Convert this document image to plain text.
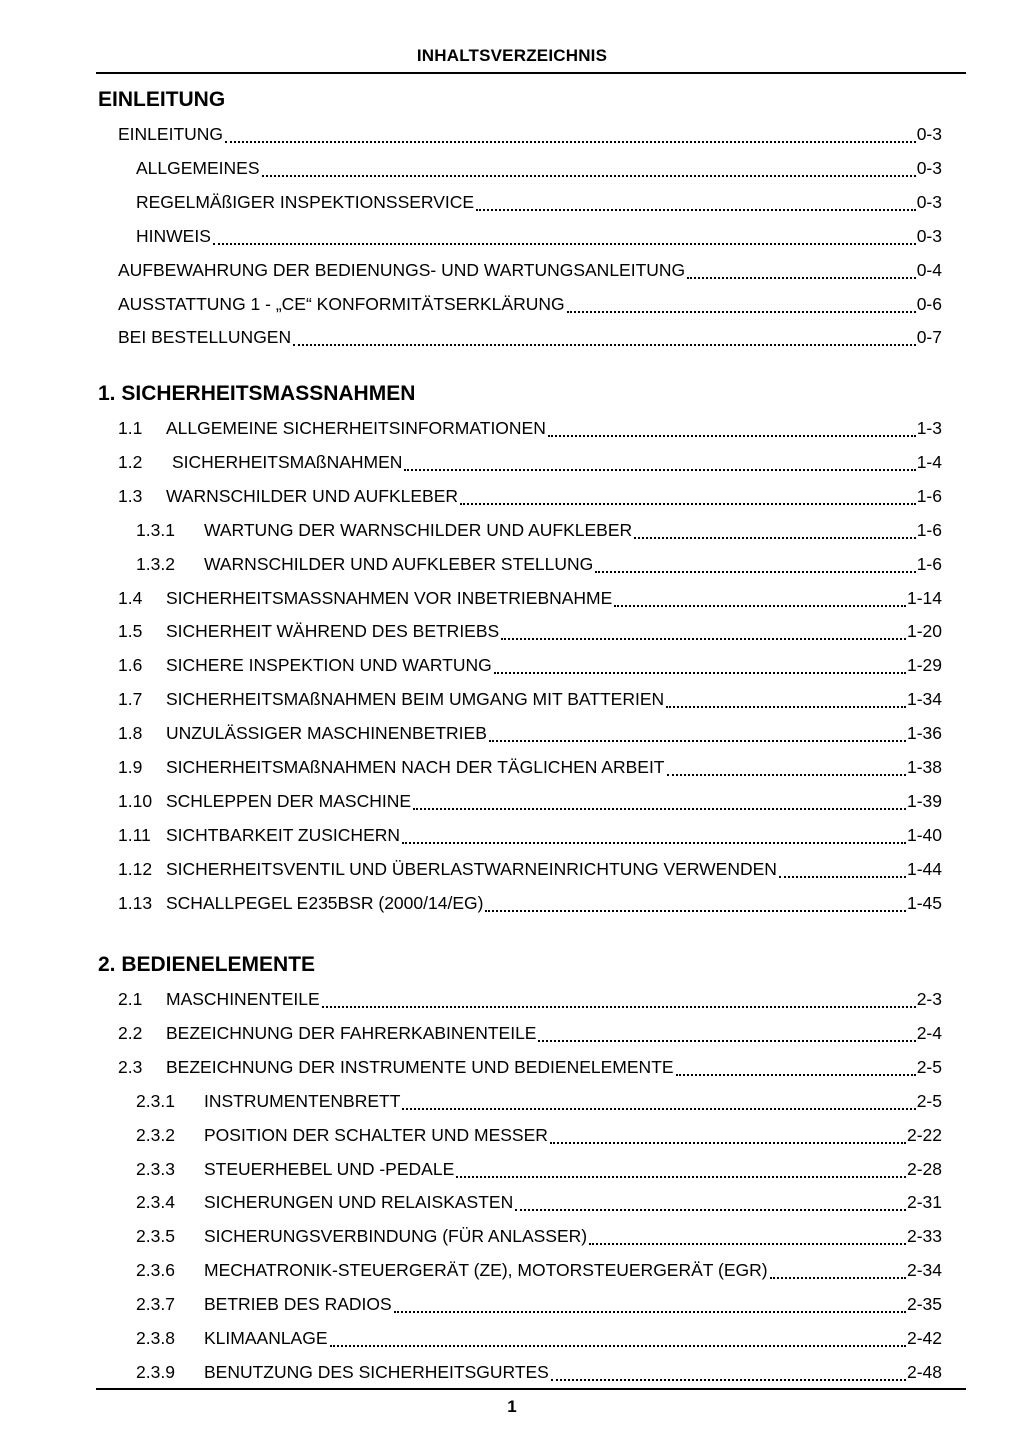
INHALTSVERZEICHNIS
EINLEITUNG
EINLEITUNG	0-3
ALLGEMEINES	0-3
REGELMÄßIGER INSPEKTIONSSERVICE	0-3
HINWEIS	0-3
AUFBEWAHRUNG DER BEDIENUNGS- UND WARTUNGSANLEITUNG	0-4
AUSSTATTUNG 1 - „CE“ KONFORMITÄTSERKLÄRUNG	0-6
BEI BESTELLUNGEN	0-7
1. SICHERHEITSMASSNAHMEN
1.1	ALLGEMEINE SICHERHEITSINFORMATIONEN	1-3
1.2	SICHERHEITSMAßNAHMEN	1-4
1.3	WARNSCHILDER UND AUFKLEBER	1-6
1.3.1	WARTUNG DER WARNSCHILDER UND AUFKLEBER	1-6
1.3.2	WARNSCHILDER UND AUFKLEBER STELLUNG	1-6
1.4	SICHERHEITSMASSNAHMEN VOR INBETRIEBNAHME	1-14
1.5	SICHERHEIT WÄHREND DES BETRIEBS	1-20
1.6	SICHERE INSPEKTION UND WARTUNG	1-29
1.7	SICHERHEITSMAßNAHMEN BEIM UMGANG MIT BATTERIEN	1-34
1.8	UNZULÄSSIGER MASCHINENBETRIEB	1-36
1.9	SICHERHEITSMAßNAHMEN NACH DER TÄGLICHEN ARBEIT	1-38
1.10 SCHLEPPEN DER MASCHINE	1-39
1.11 SICHTBARKEIT ZUSICHERN	1-40
1.12 SICHERHEITSVENTIL UND ÜBERLASTWARNEINRICHTUNG VERWENDEN	1-44
1.13 SCHALLPEGEL E235BSR (2000/14/EG)	1-45
2. BEDIENELEMENTE
2.1	MASCHINENTEILE	2-3
2.2	BEZEICHNUNG DER FAHRERKABINENTEILE	2-4
2.3	BEZEICHNUNG DER INSTRUMENTE UND BEDIENELEMENTE	2-5
2.3.1	INSTRUMENTENBRETT	2-5
2.3.2	POSITION DER SCHALTER UND MESSER	2-22
2.3.3	STEUERHEBEL UND -PEDALE	2-28
2.3.4	SICHERUNGEN UND RELAISKASTEN	2-31
2.3.5	SICHERUNGSVERBINDUNG (FÜR ANLASSER)	2-33
2.3.6	MECHATRONIK-STEUERGERÄT (ZE), MOTORSTEUERGERÄT (EGR)	2-34
2.3.7	BETRIEB DES RADIOS	2-35
2.3.8	KLIMAANLAGE	2-42
2.3.9	BENUTZUNG DES SICHERHEITSGURTES	2-48
1
